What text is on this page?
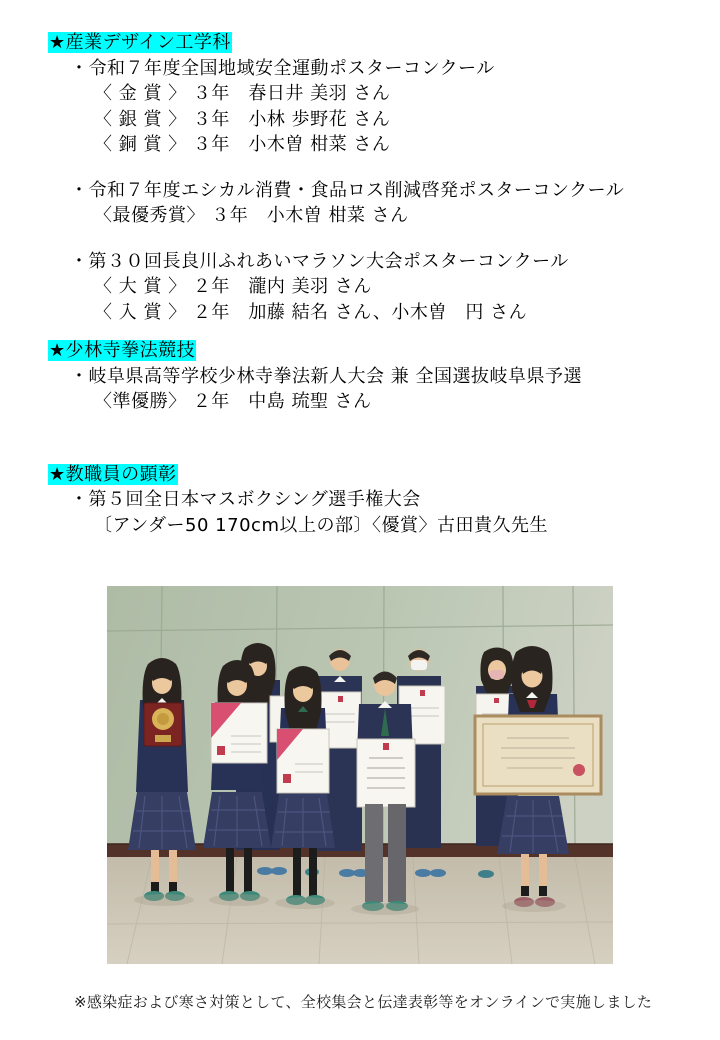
★産業デザイン工学科
・令和７年度全国地域安全運動ポスターコンクール
〈 金 賞 〉 ３年　春日井 美羽 さん
〈 銀 賞 〉 ３年　小林 歩野花 さん
〈 銅 賞 〉 ３年　小木曽 柑菜 さん
・令和７年度エシカル消費・食品ロス削減啓発ポスターコンクール
〈最優秀賞〉 ３年　小木曽 柑菜 さん
・第３０回長良川ふれあいマラソン大会ポスターコンクール
〈 大 賞 〉 ２年　瀧内 美羽 さん
〈 入 賞 〉 ２年　加藤 結名 さん、小木曽　円 さん
★少林寺拳法競技
・岐阜県高等学校少林寺拳法新人大会 兼 全国選抜岐阜県予選
〈準優勝〉 ２年　中島 琉聖 さん
★教職員の顕彰
・第５回全日本マスボクシング選手権大会
〔アンダー50 170cm以上の部〕〈優賞〉古田貴久先生
※感染症および寒さ対策として、全校集会と伝達表彰等をオンラインで実施しました
